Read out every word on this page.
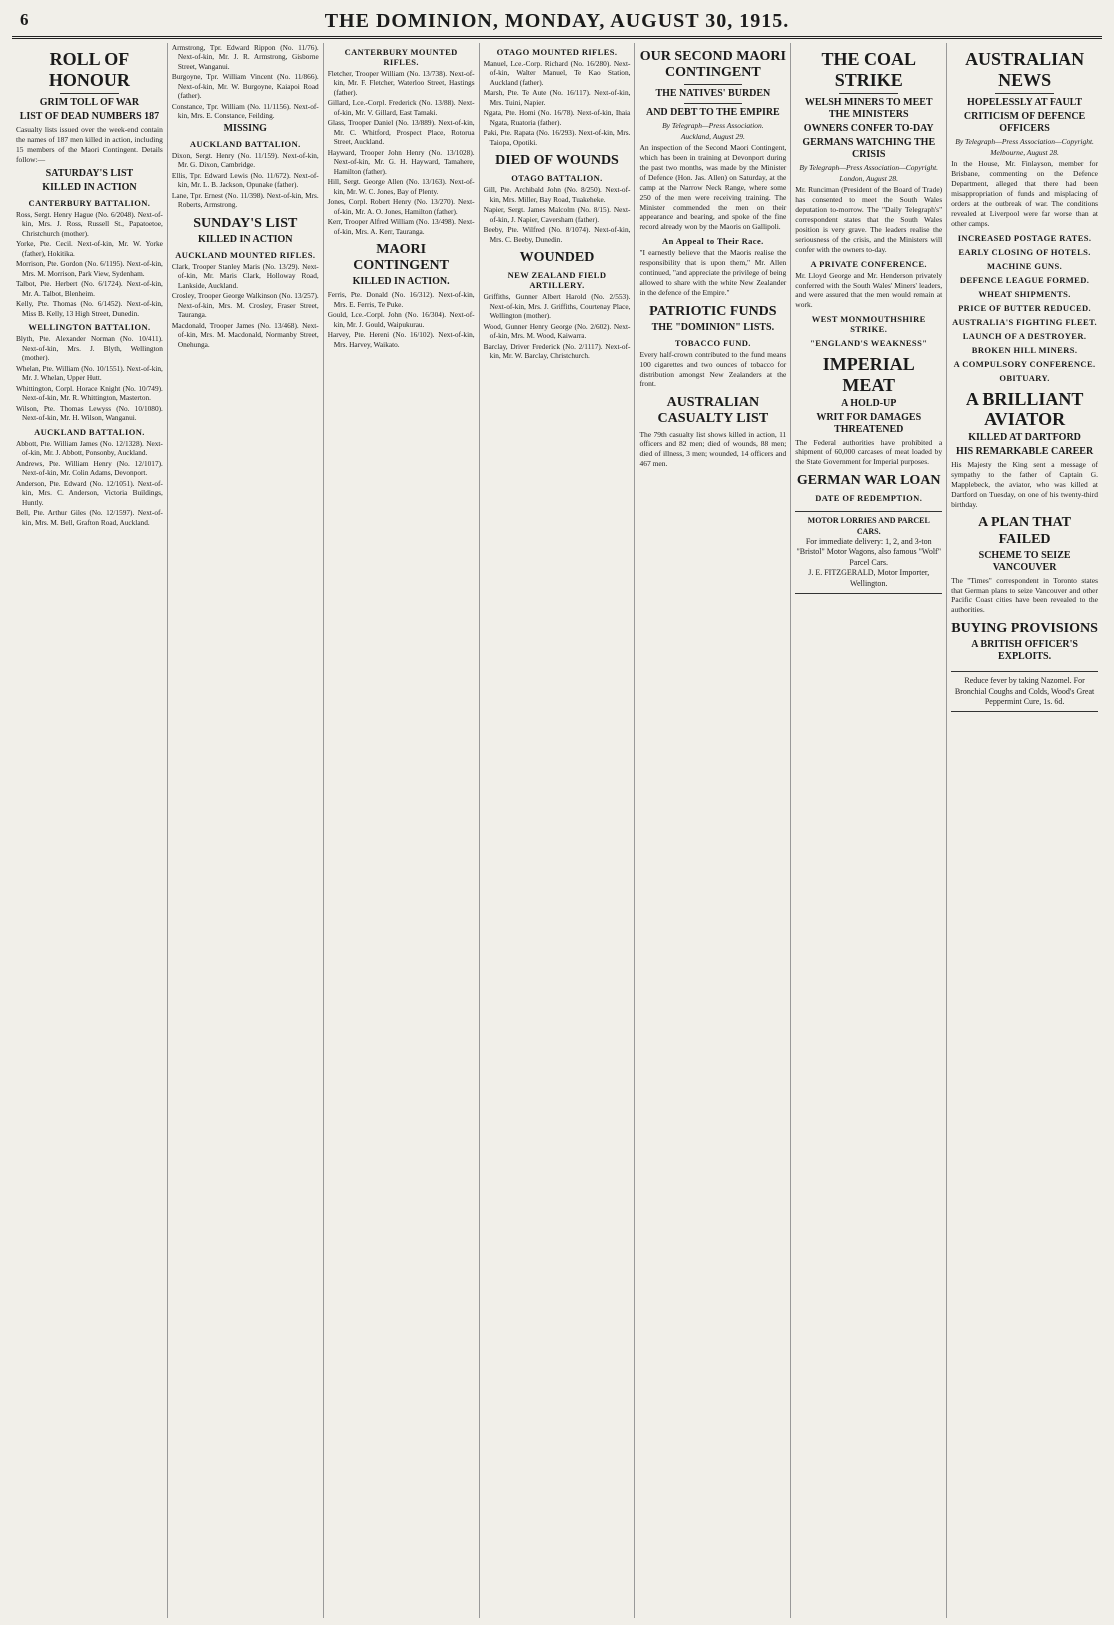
6	THE DOMINION, MONDAY, AUGUST 30, 1915.
ROLL OF HONOUR
GRIM TOLL OF WAR
LIST OF DEAD NUMBERS 187

Casualty lists issued over the week-end contain the names of 187 men killed in action, including 15 members of the Maori Contingent. Details follow:—

SATURDAY'S LIST
KILLED IN ACTION
CANTERBURY BATTALION.

Ross, Sergt. Henry Hague (No. 6/2048). Next-of-kin, Mrs. J. Ross, Russell St., Papatoetoe, Christchurch (mother).

Yorke, Pte. Cecil. Next-of-kin, Mr. W. Yorke (father), Hokitika.

Morrison, Pte. Gordon (No. 6/1195). Next-of-kin, Mrs. M. Morrison, Park View, Sydenham.

Talbot, Pte. Herbert (No. 6/1724). Next-of-kin, Mr. A. Talbot, Blenheim.

Kelly, Pte. Thomas (No. 6/1452). Next-of-kin, Miss B. Kelly, 13 High Street, Dunedin.

WELLINGTON BATTALION.

Blyth, Pte. Alexander Norman (No. 10/411). Next-of-kin, Mrs. J. Blyth, Wellington (mother).

Whelan, Pte. William (No. 10/1551). Next-of-kin, Mr. J. Whelan, Upper Hutt.

Whittington, Corpl. Horace Knight (No. 10/749). Next-of-kin, Mr. R. Whittington, Masterton.

Wilson, Pte. Thomas Lewyss (No. 10/1080). Next-of-kin, Mr. H. Wilson, Wanganui.

AUCKLAND BATTALION.

Abbott, Pte. William James (No. 12/1328). Next-of-kin, Mr. J. Abbott, Ponsonby, Auckland.

Andrews, Pte. William Henry (No. 12/1017). Next-of-kin, Mr. Colin Adams, Devonport.

Anderson, Pte. Edward (No. 12/1051). Next-of-kin, Mrs. C. Anderson, Victoria Buildings, Huntly.

Bell, Pte. Arthur Giles (No. 12/1597). Next-of-kin, Mrs. M. Bell, Grafton Road, Auckland.

Armstrong, Tpr. Edward Rippon (No. 11/76). Next-of-kin, Mr. J. R. Armstrong, Gisborne Street, Wanganui.

Burgoyne, Tpr. William Vincent (No. 11/866). Next-of-kin, Mr. W. Burgoyne, Kaiapoi Road (father).

Constance, Tpr. William (No. 11/1156). Next-of-kin, Mrs. E. Constance, Feilding.

MISSING
AUCKLAND BATTALION.

Dixon, Sergt. Henry (No. 11/159). Next-of-kin, Mr. G. Dixon, Cambridge.

Ellis, Tpr. Edward Lewis (No. 11/672). Next-of-kin, Mr. L. B. Jackson, Opunake (father).

Lane, Tpr. Ernest (No. 11/398). Next-of-kin, Mrs. Roberts, Armstrong.

SUNDAY'S LIST
KILLED IN ACTION
AUCKLAND MOUNTED RIFLES.

Clark, Trooper Stanley Maris (No. 13/29). Next-of-kin, Mr. Maris Clark, Holloway Road, Lankside, Auckland.

Crosley, Trooper George Walkinson (No. 13/257). Next-of-kin, Mrs. M. Crosley, Fraser Street, Tauranga.

Macdonald, Trooper James (No. 13/468). Next-of-kin, Mrs. M. Macdonald, Normanby Street, Onehunga.

CANTERBURY MOUNTED RIFLES.

Fletcher, Trooper William (No. 13/738). Next-of-kin, Mr. F. Fletcher, Waterloo Street, Hastings (father).

Gillard, Lce.-Corpl. Frederick (No. 13/88). Next-of-kin, Mr. V. Gillard, East Tamaki.

Glass, Trooper Daniel (No. 13/889). Next-of-kin, Mr. C. Whitford, Prospect Place, Rotorua Street, Auckland.

Hayward, Trooper John Henry (No. 13/1028). Next-of-kin, Mr. G. H. Hayward, Tamahere, Hamilton (father).

Hill, Sergt. George Allen (No. 13/163). Next-of-kin, Mr. W. C. Jones, Bay of Plenty.

Jones, Corpl. Robert Henry (No. 13/270). Next-of-kin, Mr. A. O. Jones, Hamilton (father).

Kerr, Trooper Alfred William (No. 13/498). Next-of-kin, Mrs. A. Kerr, Tauranga.

MAORI CONTINGENT
KILLED IN ACTION.

Ferris, Pte. Donald (No. 16/312). Next-of-kin, Mrs. E. Ferris, Te Puke.

Gould, Lce.-Corpl. John (No. 16/304). Next-of-kin, Mr. J. Gould, Waipukurau.

Harvey, Pte. Hereni (No. 16/102). Next-of-kin, Mrs. Harvey, Waikato.

OTAGO MOUNTED RIFLES.

Manuel, Lce.-Corp. Richard (No. 16/280). Next-of-kin, Walter Manuel, Te Kao Station, Auckland (father).

Marsh, Pte. Te Aute (No. 16/117). Next-of-kin, Mrs. Tuini, Napier.

Ngata, Pte. Homi (No. 16/78). Next-of-kin, Ihaia Ngata, Ruatoria (father).

Paki, Pte. Rapata (No. 16/293). Next-of-kin, Mrs. Taiopa, Opotiki.

DIED OF WOUNDS
OTAGO BATTALION.

Gill, Pte. Archibald John (No. 8/250). Next-of-kin, Mrs. Miller, Bay Road, Tuakeheke.

Napier, Sergt. James Malcolm (No. 8/15). Next-of-kin, J. Napier, Caversham (father).

Beeby, Pte. Wilfred (No. 8/1074). Next-of-kin, Mrs. C. Beeby, Dunedin.

WOUNDED
NEW ZEALAND FIELD ARTILLERY.

Griffiths, Gunner Albert Harold (No. 2/553). Next-of-kin, Mrs. J. Griffiths, Courtenay Place, Wellington (mother).

Wood, Gunner Henry George (No. 2/602). Next-of-kin, Mrs. M. Wood, Kaiwarra.

Barclay, Driver Frederick (No. 2/1117). Next-of-kin, Mr. W. Barclay, Christchurch.

OUR SECOND MAORI CONTINGENT
THE NATIVES' BURDEN
AND DEBT TO THE EMPIRE
By Telegraph—Press Association.
Auckland, August 29.

An inspection of the Second Maori Contingent, which has been in training at Devonport during the past two months, was made by the Minister of Defence (Hon. Jas. Allen) on Saturday, at the camp at the Narrow Neck Range, where some 250 of the men were receiving training. The Minister commended the men on their appearance and bearing, and spoke of the fine record already won by the Maoris on Gallipoli.

An Appeal to Their Race.

"I earnestly believe that the Maoris realise the responsibility that is upon them," Mr. Allen continued, "and appreciate the privilege of being allowed to share with the white New Zealander in the defence of the Empire."

PATRIOTIC FUNDS
THE "DOMINION" LISTS.
TOBACCO FUND.

Every half-crown contributed to the fund means 100 cigarettes and two ounces of tobacco for distribution amongst New Zealanders at the front.

AUSTRALIAN CASUALTY LIST

The 79th casualty list shows killed in action, 11 officers and 82 men; died of wounds, 88 men; died of illness, 3 men; wounded, 14 officers and 467 men.

THE COAL STRIKE
WELSH MINERS TO MEET THE MINISTERS
OWNERS CONFER TO-DAY
GERMANS WATCHING THE CRISIS
By Telegraph—Press Association—Copyright.
London, August 28.

Mr. Runciman (President of the Board of Trade) has consented to meet the South Wales deputation to-morrow. The "Daily Telegraph's" correspondent states that the South Wales position is very grave. The leaders realise the seriousness of the crisis, and the Ministers will confer with the owners to-day.

A PRIVATE CONFERENCE.

Mr. Lloyd George and Mr. Henderson privately conferred with the South Wales' Miners' leaders, and were assured that the men would remain at work.

WEST MONMOUTHSHIRE STRIKE.
"ENGLAND'S WEAKNESS"
IMPERIAL MEAT
A HOLD-UP
WRIT FOR DAMAGES THREATENED

The Federal authorities have prohibited a shipment of 60,000 carcases of meat loaded by the State Government for Imperial purposes.

GERMAN WAR LOAN
DATE OF REDEMPTION.
MOTOR LORRIES AND PARCEL CARS.
For immediate delivery: 1, 2, and 3-ton "Bristol" Motor Wagons, also famous "Wolf" Parcel Cars.
J. E. FITZGERALD, Motor Importer, Wellington.
AUSTRALIAN NEWS
HOPELESSLY AT FAULT
CRITICISM OF DEFENCE OFFICERS
By Telegraph—Press Association—Copyright.
Melbourne, August 28.

In the House, Mr. Finlayson, member for Brisbane, commenting on the Defence Department, alleged that there had been misappropriation of funds and misplacing of orders at the outbreak of war. The conditions revealed at Liverpool were far worse than at other camps.

INCREASED POSTAGE RATES.
EARLY CLOSING OF HOTELS.
MACHINE GUNS.
DEFENCE LEAGUE FORMED.
WHEAT SHIPMENTS.
PRICE OF BUTTER REDUCED.
AUSTRALIA'S FIGHTING FLEET.
LAUNCH OF A DESTROYER.
BROKEN HILL MINERS.
A COMPULSORY CONFERENCE.
OBITUARY.
A BRILLIANT AVIATOR
KILLED AT DARTFORD
HIS REMARKABLE CAREER

His Majesty the King sent a message of sympathy to the father of Captain G. Mapplebeck, the aviator, who was killed at Dartford on Tuesday, on one of his twenty-third birthday.

A PLAN THAT FAILED
SCHEME TO SEIZE VANCOUVER

The "Times" correspondent in Toronto states that German plans to seize Vancouver and other Pacific Coast cities have been revealed to the authorities.

BUYING PROVISIONS
A BRITISH OFFICER'S EXPLOITS.
Reduce fever by taking Nazomel. For Bronchial Coughs and Colds, Wood's Great Peppermint Cure, 1s. 6d.
